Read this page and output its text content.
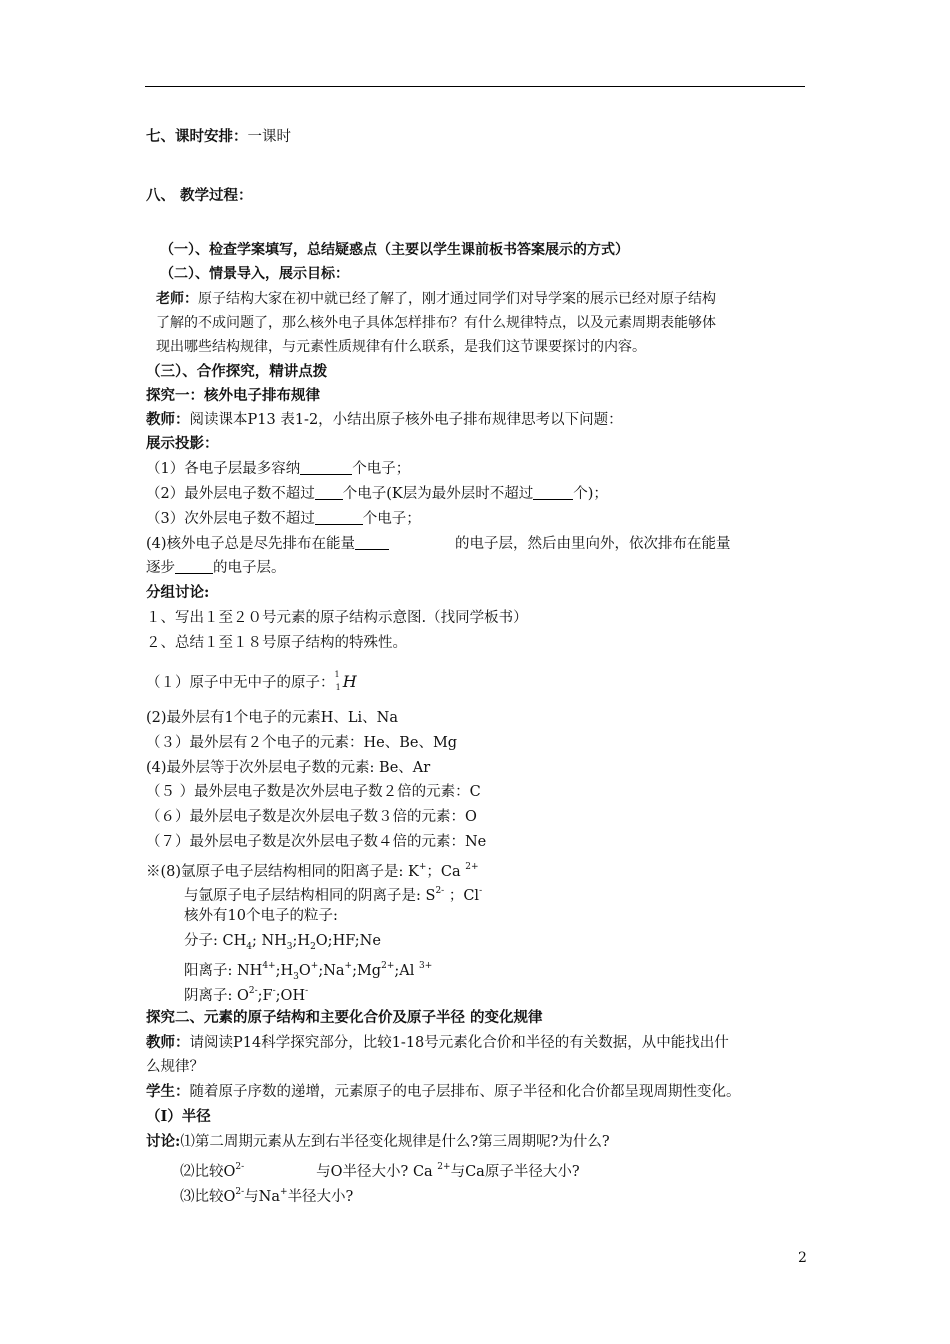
七、课时安排：一课时
八、 教学过程：
（一）、检查学案填写，总结疑惑点（主要以学生课前板书答案展示的方式）
（二）、情景导入，展示目标：
老师：原子结构大家在初中就已经了解了，刚才通过同学们对导学案的展示已经对原子结构
了解的不成问题了，那么核外电子具体怎样排布？有什么规律特点，以及元素周期表能够体
现出哪些结构规律，与元素性质规律有什么联系，是我们这节课要探讨的内容。
（三）、合作探究，精讲点拨
探究一：核外电子排布规律
教师：阅读课本P13 表1-2，小结出原子核外电子排布规律思考以下问题：
展示投影：
（1）各电子层最多容纳	个电子；
（2）最外层电子数不超过 个电子(K层为最外层时不超过	个)；
（3）次外层电子数不超过	个电子；
(4)核外电子总是尽先排布在能量	的电子层，然后由里向外，依次排布在能量
逐步	的电子层。
分组讨论:
１、写出１至２０号元素的原子结构示意图.（找同学板书）
２、总结１至１８号原子结构的特殊性。
（１）原子中无中子的原子：$^1$1 H
(2)最外层有1个电子的元素H、Li、Na
（３）最外层有２个电子的元素：He、Be、Mg
(4)最外层等于次外层电子数的元素: Be、Ar
（５ ）最外层电子数是次外层电子数２倍的元素：C
（６）最外层电子数是次外层电子数３倍的元素：O
（７）最外层电子数是次外层电子数４倍的元素：Ne
※(8)氩原子电子层结构相同的阳离子是: K+；Ca $^{2+}$
与氩原子电子层结构相同的阴离子是: $S^{2-}$ ；Cl-
核外有10个电子的粒子:
分子: $CH_4$; $NH_3;H_2O;HF;Ne$
阳离子: $NH^{4+};H_3O^+;Na^+;Mg^{2+};Al$ $^{3+}$
阴离子: $O^{2-};F^-;OH^-$
探究二、元素的原子结构和主要化合价及原子半径 的变化规律
教师：请阅读P14科学探究部分，比较1-18号元素化合价和半径的有关数据，从中能找出什
么规律？
学生：随着原子序数的递增，元素原子的电子层排布、原子半径和化合价都呈现周期性变化。
（Ⅰ）半径
讨论:⑴第二周期元素从左到右半径变化规律是什么?第三周期呢?为什么?
⑵比较$O^{2-}$	与O半径大小? Ca $^{2+}$与Ca原子半径大小?
⑶比较$O^{2-}$与Na+半径大小?
2
